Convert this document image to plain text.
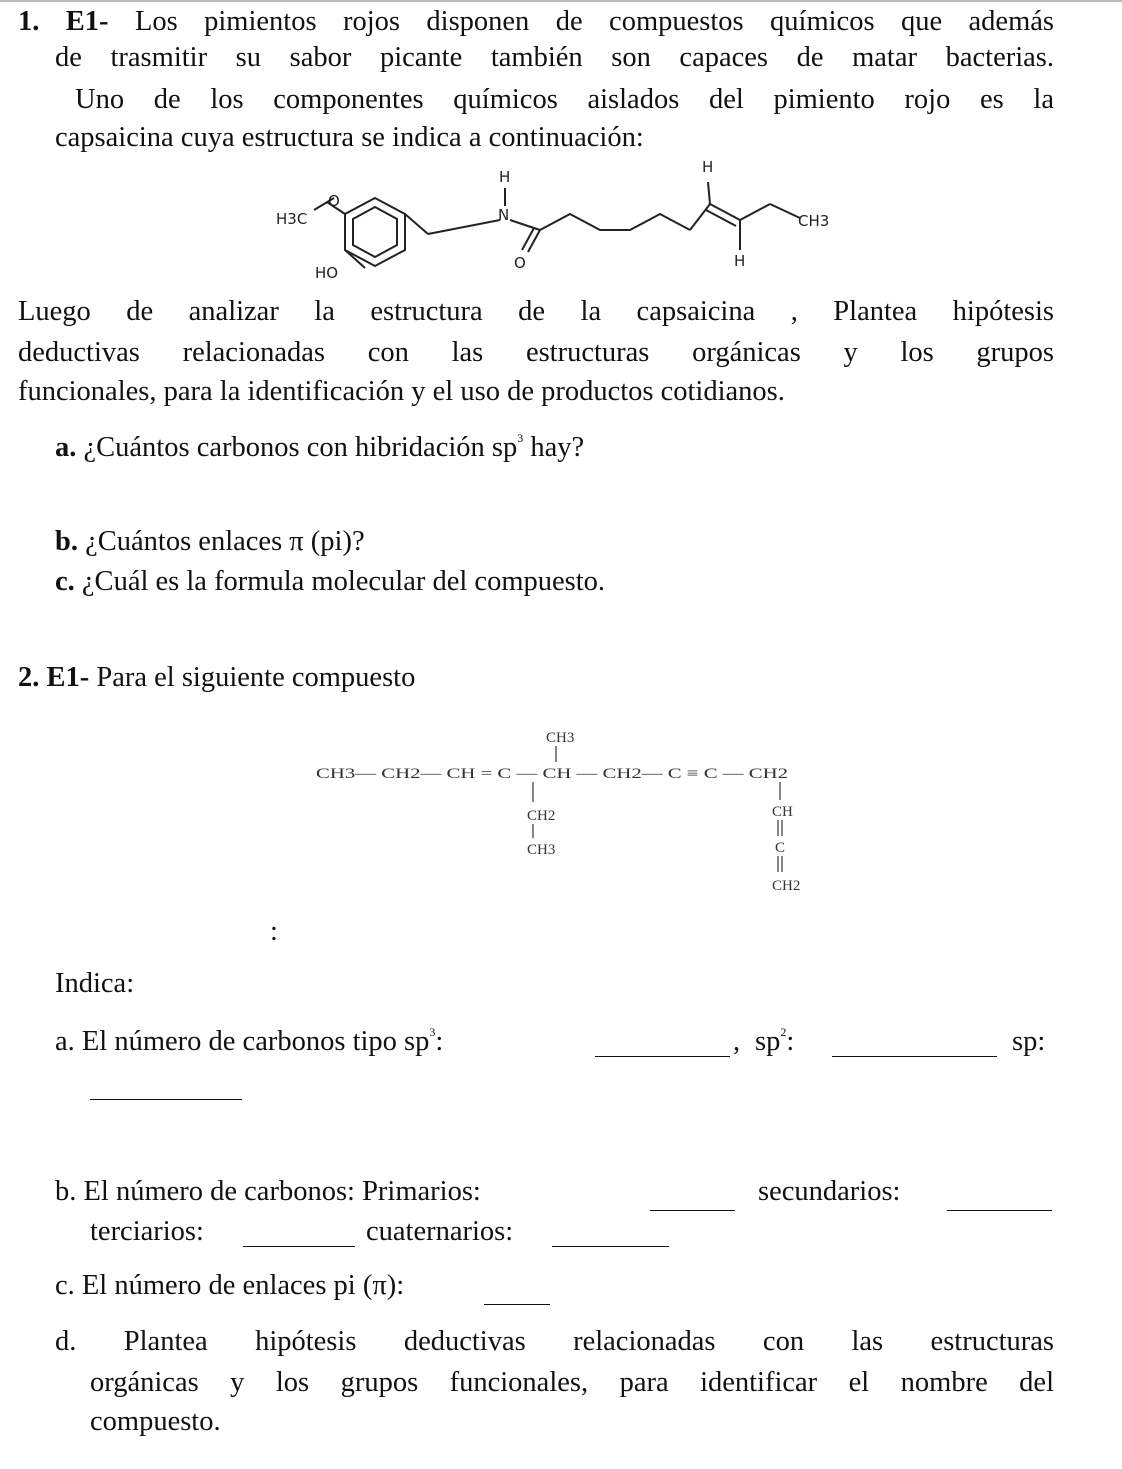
1. E1- Los pimientos rojos disponen de compuestos químicos que además

de trasmitir su sabor picante también son capaces de matar bacterias.

Uno de los componentes químicos aislados del pimiento rojo es la

capsaicina cuya estructura se indica a continuación:

H3C
O
HO
H
N
O
H
H
CH3

Luego de analizar la estructura de la capsaicina , Plantea hipótesis

deductivas relacionadas con las estructuras orgánicas y los grupos

funcionales, para la identificación y el uso de productos cotidianos.

a. ¿Cuántos carbonos con hibridación $sp^3$ hay?

b. ¿Cuántos enlaces π (pi)?

c. ¿Cuál es la formula molecular del compuesto.

2. E1- Para el siguiente compuesto

CH3— CH2— CH = C — CH — CH2— C ≡ C — CH2
CH3
CH2
CH3
CH
C
CH2

:

Indica:

a. El número de carbonos tipo $sp^3$:	, $sp^2$:	sp:

b. El número de carbonos: Primarios:	secundarios:

terciarios:	cuaternarios:

c. El número de enlaces pi (π):

d. Plantea hipótesis deductivas relacionadas con las estructuras

orgánicas y los grupos funcionales, para identificar el nombre del

compuesto.
